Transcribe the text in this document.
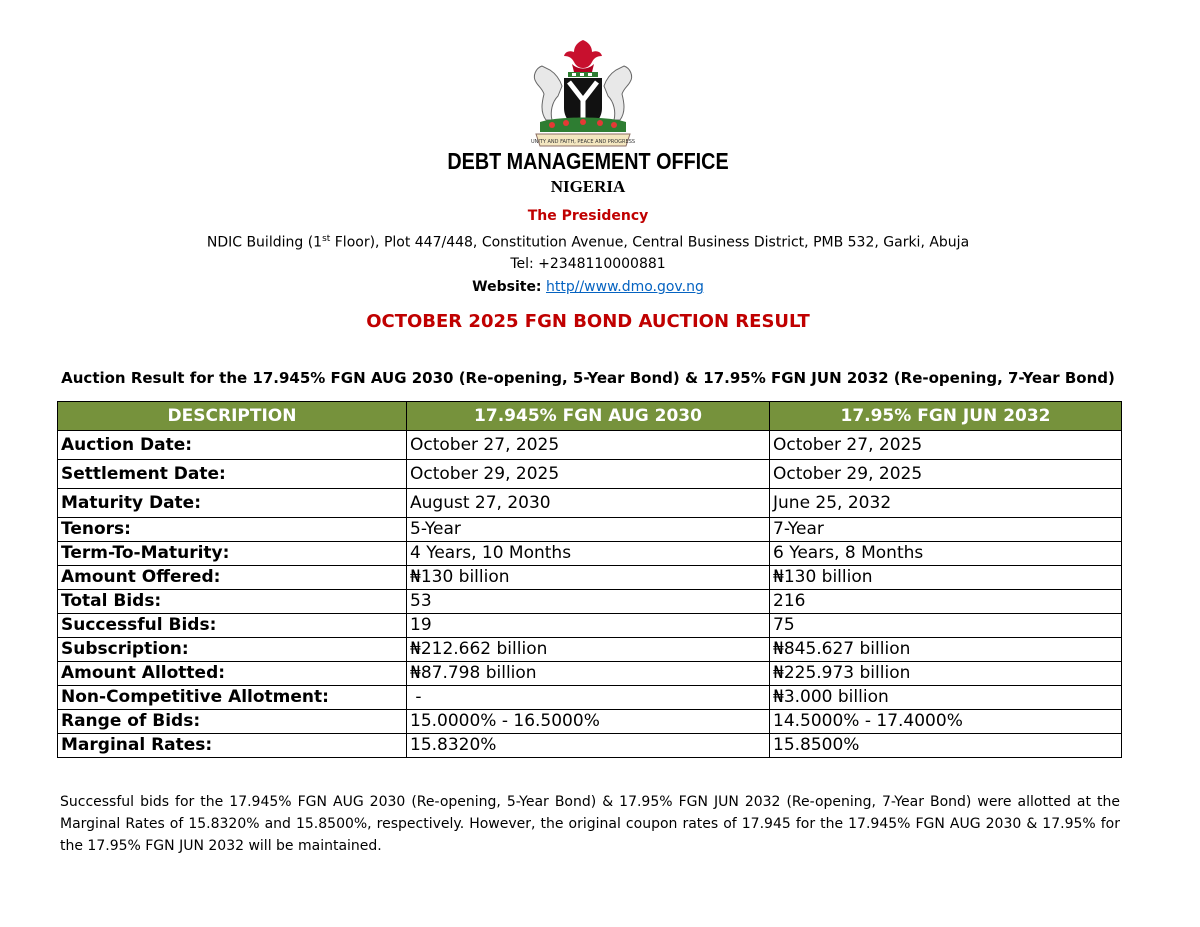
UNITY AND FAITH, PEACE AND PROGRESS
DEBT MANAGEMENT OFFICE
NIGERIA
The Presidency
NDIC Building (1st Floor), Plot 447/448, Constitution Avenue, Central Business District, PMB 532, Garki, Abuja
Tel: +2348110000881
Website: http//www.dmo.gov.ng
OCTOBER 2025 FGN BOND AUCTION RESULT
Auction Result for the 17.945% FGN AUG 2030 (Re-opening, 5-Year Bond) & 17.95% FGN JUN 2032 (Re-opening, 7-Year Bond)
DESCRIPTION	17.945% FGN AUG 2030	17.95% FGN JUN 2032
Auction Date:	October 27, 2025	October 27, 2025
Settlement Date:	October 29, 2025	October 29, 2025
Maturity Date:	August 27, 2030	June 25, 2032
Tenors:	5-Year	7-Year
Term-To-Maturity:	4 Years, 10 Months	6 Years, 8 Months
Amount Offered:	₦130 billion	₦130 billion
Total Bids:	53	216
Successful Bids:	19	75
Subscription:	₦212.662 billion	₦845.627 billion
Amount Allotted:	₦87.798 billion	₦225.973 billion
Non-Competitive Allotment:	-	₦3.000 billion
Range of Bids:	15.0000% - 16.5000%	14.5000% - 17.4000%
Marginal Rates:	15.8320%	15.8500%
Successful bids for the 17.945% FGN AUG 2030 (Re-opening, 5-Year Bond) & 17.95% FGN JUN 2032 (Re-opening, 7-Year Bond) were allotted at the Marginal Rates of 15.8320% and 15.8500%, respectively. However, the original coupon rates of 17.945 for the 17.945% FGN AUG 2030 & 17.95% for the 17.95% FGN JUN 2032 will be maintained.
